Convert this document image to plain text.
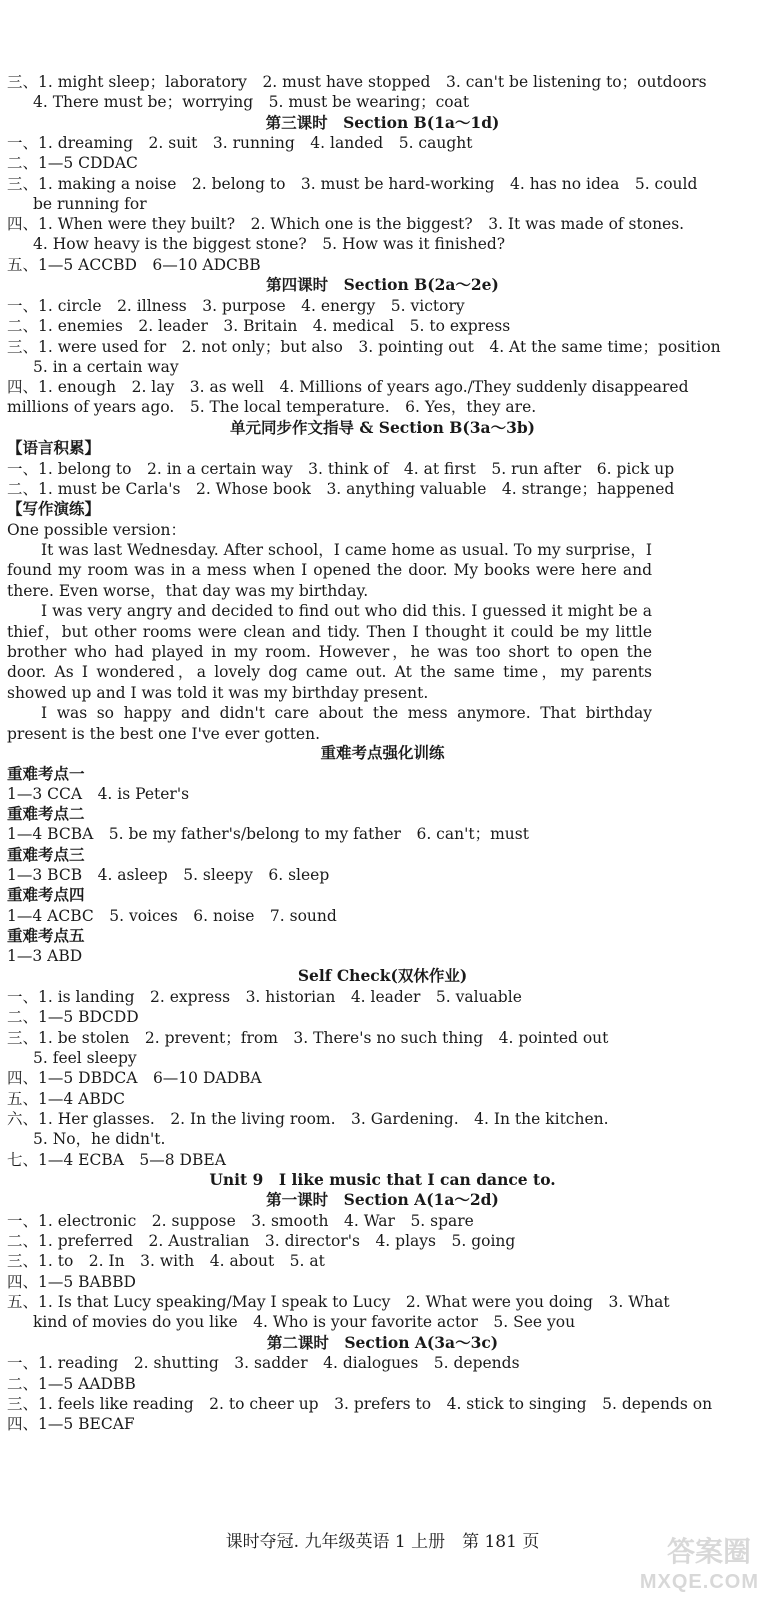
三、1. might sleep；laboratory　2. must have stopped　3. can't be listening to；outdoors
4. There must be；worrying　5. must be wearing；coat
第三课时　Section B(1a～1d)
一、1. dreaming　2. suit　3. running　4. landed　5. caught
二、1—5 CDDAC
三、1. making a noise　2. belong to　3. must be hard-working　4. has no idea　5. could
be running for
四、1. When were they built?　2. Which one is the biggest?　3. It was made of stones.
4. How heavy is the biggest stone?　5. How was it finished?
五、1—5 ACCBD　6—10 ADCBB
第四课时　Section B(2a～2e)
一、1. circle　2. illness　3. purpose　4. energy　5. victory
二、1. enemies　2. leader　3. Britain　4. medical　5. to express
三、1. were used for　2. not only；but also　3. pointing out　4. At the same time；position
5. in a certain way
四、1. enough　2. lay　3. as well　4. Millions of years ago./They suddenly disappeared
millions of years ago.　5. The local temperature.　6. Yes，they are.
单元同步作文指导 & Section B(3a～3b)
【语言积累】
一、1. belong to　2. in a certain way　3. think of　4. at first　5. run after　6. pick up
二、1. must be Carla's　2. Whose book　3. anything valuable　4. strange；happened
【写作演练】
One possible version：

It was last Wednesday. After school，I came home as usual. To my surprise，I found my room was in a mess when I opened the door. My books were here and there. Even worse，that day was my birthday.

I was very angry and decided to find out who did this. I guessed it might be a thief，but other rooms were clean and tidy. Then I thought it could be my little brother who had played in my room. However，he was too short to open the door. As I wondered，a lovely dog came out. At the same time，my parents showed up and I was told it was my birthday present.

I was so happy and didn't care about the mess anymore. That birthday present is the best one I've ever gotten.

重难考点强化训练
重难考点一
1—3 CCA　4. is Peter's
重难考点二
1—4 BCBA　5. be my father's/belong to my father　6. can't；must
重难考点三
1—3 BCB　4. asleep　5. sleepy　6. sleep
重难考点四
1—4 ACBC　5. voices　6. noise　7. sound
重难考点五
1—3 ABD
Self Check(双休作业)
一、1. is landing　2. express　3. historian　4. leader　5. valuable
二、1—5 BDCDD
三、1. be stolen　2. prevent；from　3. There's no such thing　4. pointed out
5. feel sleepy
四、1—5 DBDCA　6—10 DADBA
五、1—4 ABDC
六、1. Her glasses.　2. In the living room.　3. Gardening.　4. In the kitchen.
5. No，he didn't.
七、1—4 ECBA　5—8 DBEA
Unit 9　I like music that I can dance to.
第一课时　Section A(1a～2d)
一、1. electronic　2. suppose　3. smooth　4. War　5. spare
二、1. preferred　2. Australian　3. director's　4. plays　5. going
三、1. to　2. In　3. with　4. about　5. at
四、1—5 BABBD
五、1. Is that Lucy speaking/May I speak to Lucy　2. What were you doing　3. What
kind of movies do you like　4. Who is your favorite actor　5. See you
第二课时　Section A(3a～3c)
一、1. reading　2. shutting　3. sadder　4. dialogues　5. depends
二、1—5 AADBB
三、1. feels like reading　2. to cheer up　3. prefers to　4. stick to singing　5. depends on
四、1—5 BECAF
课时夺冠. 九年级英语 1 上册　第 181 页	答案圈
MXQE.COM
